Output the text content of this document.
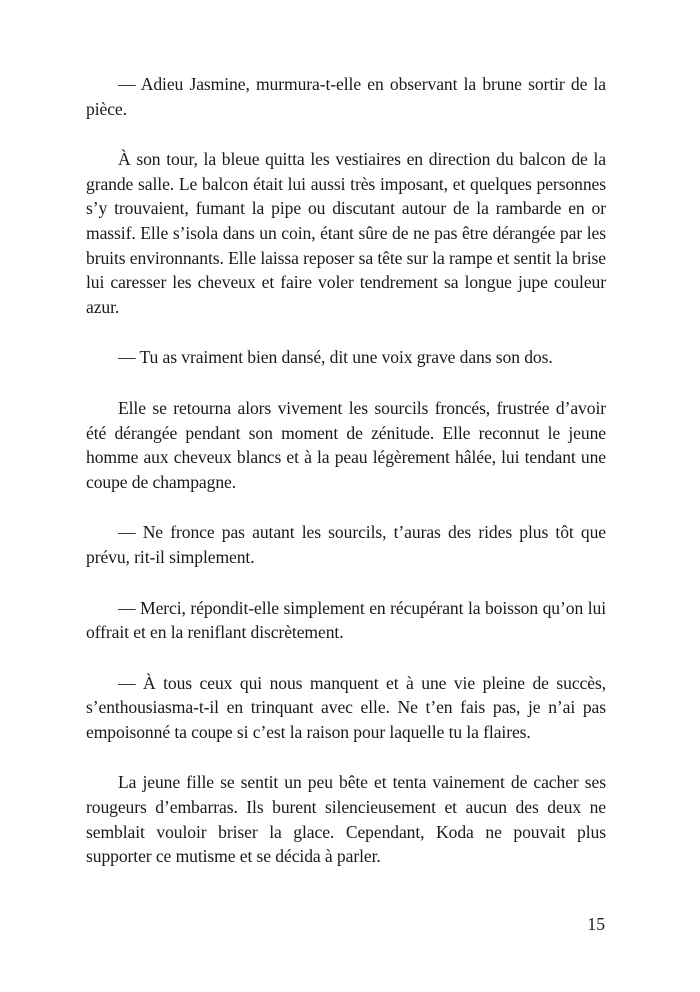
— Adieu Jasmine, murmura-t-elle en observant la brune sortir de la pièce.

À son tour, la bleue quitta les vestiaires en direction du balcon de la grande salle. Le balcon était lui aussi très imposant, et quelques personnes s’y trouvaient, fumant la pipe ou discutant autour de la rambarde en or massif. Elle s’isola dans un coin, étant sûre de ne pas être dérangée par les bruits environnants. Elle laissa reposer sa tête sur la rampe et sentit la brise lui caresser les cheveux et faire voler tendrement sa longue jupe couleur azur.

— Tu as vraiment bien dansé, dit une voix grave dans son dos.

Elle se retourna alors vivement les sourcils froncés, frustrée d’avoir été dérangée pendant son moment de zénitude. Elle reconnut le jeune homme aux cheveux blancs et à la peau légèrement hâlée, lui tendant une coupe de champagne.

— Ne fronce pas autant les sourcils, t’auras des rides plus tôt que prévu, rit-il simplement.

— Merci, répondit-elle simplement en récupérant la boisson qu’on lui offrait et en la reniflant discrètement.

— À tous ceux qui nous manquent et à une vie pleine de succès, s’enthousiasma-t-il en trinquant avec elle. Ne t’en fais pas, je n’ai pas empoisonné ta coupe si c’est la raison pour laquelle tu la flaires.

La jeune fille se sentit un peu bête et tenta vainement de cacher ses rougeurs d’embarras. Ils burent silencieusement et aucun des deux ne semblait vouloir briser la glace. Cependant, Koda ne pouvait plus supporter ce mutisme et se décida à parler.

15
